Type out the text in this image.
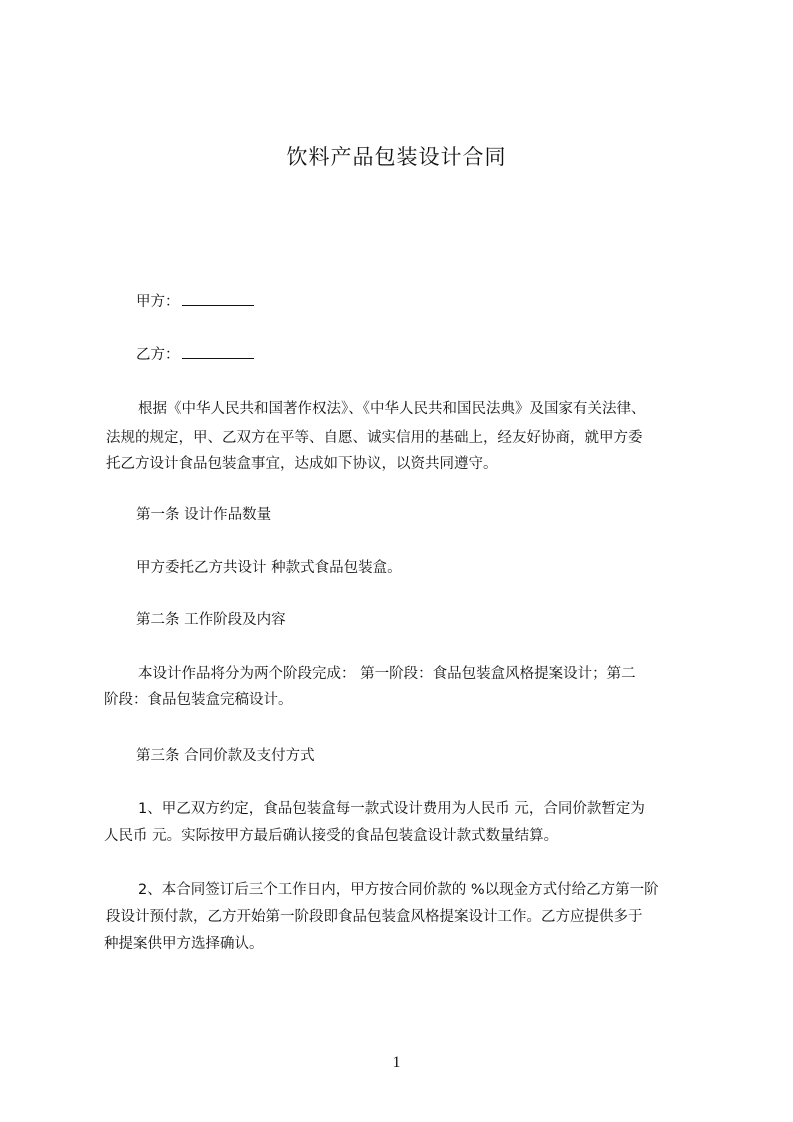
饮料产品包装设计合同
甲方：
乙方：
根据《中华人民共和国著作权法》、《中华人民共和国民法典》及国家有关法律、
法规的规定，甲、乙双方在平等、自愿、诚实信用的基础上，经友好协商，就甲方委
托乙方设计食品包装盒事宜，达成如下协议，以资共同遵守。
第一条 设计作品数量
甲方委托乙方共设计 种款式食品包装盒。
第二条 工作阶段及内容
本设计作品将分为两个阶段完成： 第一阶段：食品包装盒风格提案设计；第二
阶段：食品包装盒完稿设计。
第三条 合同价款及支付方式
1、甲乙双方约定，食品包装盒每一款式设计费用为人民币 元，合同价款暂定为
人民币 元。实际按甲方最后确认接受的食品包装盒设计款式数量结算。
2、本合同签订后三个工作日内，甲方按合同价款的 %以现金方式付给乙方第一阶
段设计预付款，乙方开始第一阶段即食品包装盒风格提案设计工作。乙方应提供多于
种提案供甲方选择确认。
1
